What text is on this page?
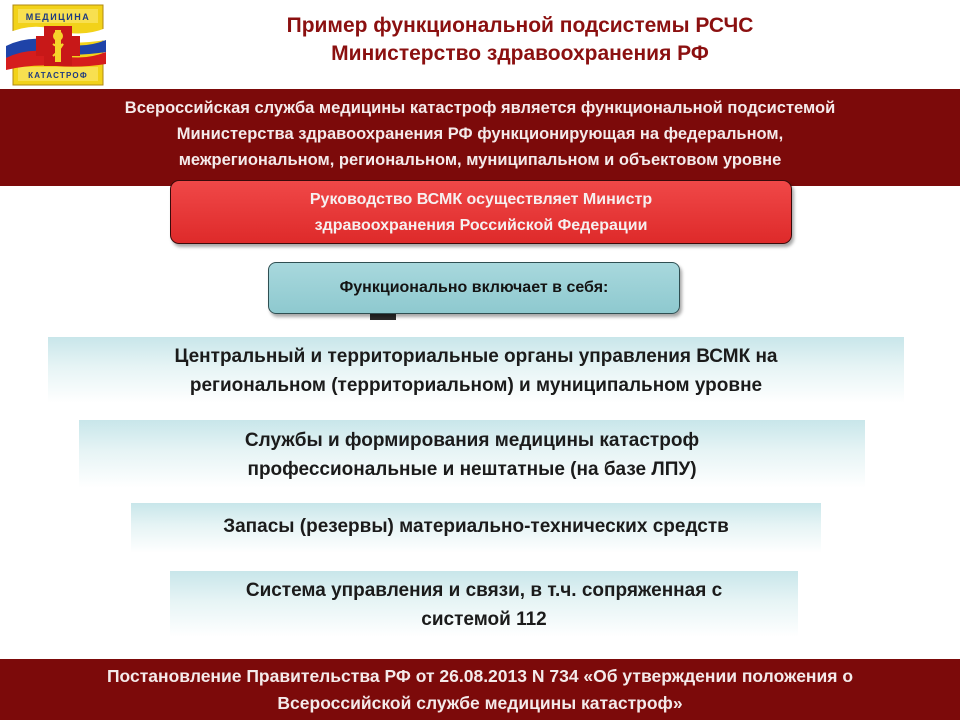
МЕДИЦИНА
КАТАСТРОФ
Пример функциональной подсистемы РСЧС
Министерство здравоохранения РФ
Всероссийская служба медицины катастроф является функциональной подсистемой
Министерства здравоохранения РФ функционирующая на федеральном,
межрегиональном, региональном, муниципальном и объектовом уровне
Руководство ВСМК осуществляет Министр
здравоохранения Российской Федерации
Функционально включает в себя:
Центральный и территориальные органы управления ВСМК на
региональном (территориальном) и муниципальном уровне
Службы и формирования медицины катастроф
профессиональные и нештатные (на базе ЛПУ)
Запасы (резервы) материально-технических средств
Система управления и связи, в т.ч. сопряженная с
системой 112
Постановление Правительства РФ от 26.08.2013 N 734 «Об утверждении положения о
Всероссийской службе медицины катастроф»
